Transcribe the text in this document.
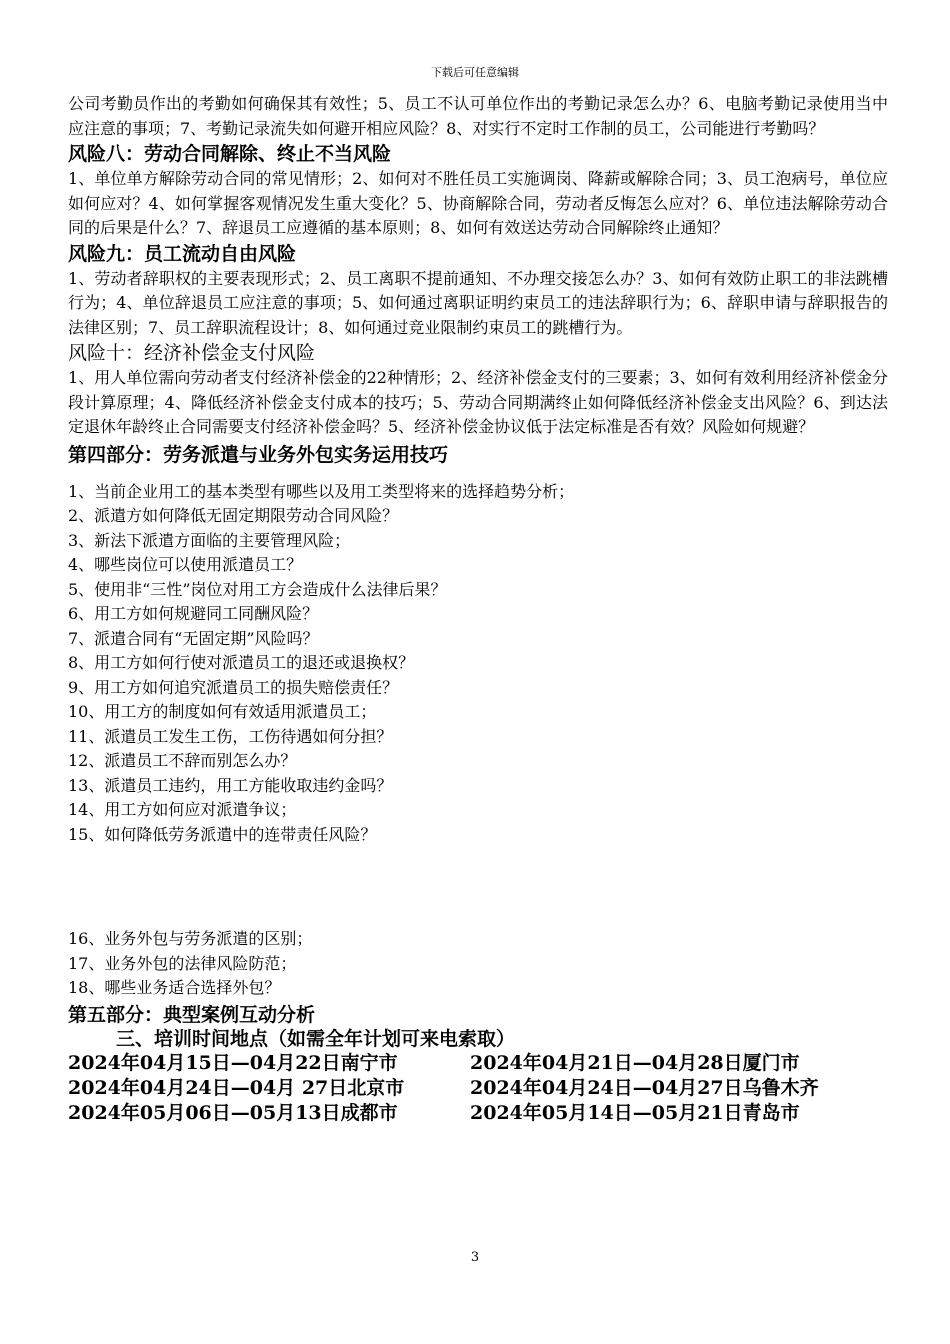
下载后可任意编辑

公司考勤员作出的考勤如何确保其有效性；5、员工不认可单位作出的考勤记录怎么办？6、电脑考勤记录使用当中应注意的事项；7、考勤记录流失如何避开相应风险？8、对实行不定时工作制的员工，公司能进行考勤吗？

风险八：劳动合同解除、终止不当风险

1、单位单方解除劳动合同的常见情形；2、如何对不胜任员工实施调岗、降薪或解除合同；3、员工泡病号，单位应如何应对？4、如何掌握客观情况发生重大变化？5、协商解除合同，劳动者反悔怎么应对？6、单位违法解除劳动合同的后果是什么？7、辞退员工应遵循的基本原则；8、如何有效送达劳动合同解除终止通知？

风险九：员工流动自由风险

1、劳动者辞职权的主要表现形式；2、员工离职不提前通知、不办理交接怎么办？3、如何有效防止职工的非法跳槽行为；4、单位辞退员工应注意的事项；5、如何通过离职证明约束员工的违法辞职行为；6、辞职申请与辞职报告的法律区别；7、员工辞职流程设计；8、如何通过竞业限制约束员工的跳槽行为。

风险十：经济补偿金支付风险

1、用人单位需向劳动者支付经济补偿金的22种情形；2、经济补偿金支付的三要素；3、如何有效利用经济补偿金分段计算原理；4、降低经济补偿金支付成本的技巧；5、劳动合同期满终止如何降低经济补偿金支出风险？6、到达法定退休年龄终止合同需要支付经济补偿金吗？5、经济补偿金协议低于法定标准是否有效？风险如何规避？

第四部分：劳务派遣与业务外包实务运用技巧

1、当前企业用工的基本类型有哪些以及用工类型将来的选择趋势分析；

2、派遣方如何降低无固定期限劳动合同风险？

3、新法下派遣方面临的主要管理风险；

4、哪些岗位可以使用派遣员工？

5、使用非“三性”岗位对用工方会造成什么法律后果？

6、用工方如何规避同工同酬风险？

7、派遣合同有“无固定期”风险吗？

8、用工方如何行使对派遣员工的退还或退换权？

9、用工方如何追究派遣员工的损失赔偿责任？

10、用工方的制度如何有效适用派遣员工；

11、派遣员工发生工伤，工伤待遇如何分担？

12、派遣员工不辞而别怎么办？

13、派遣员工违约，用工方能收取违约金吗？

14、用工方如何应对派遣争议；

15、如何降低劳务派遣中的连带责任风险？

16、业务外包与劳务派遣的区别；

17、业务外包的法律风险防范；

18、哪些业务适合选择外包？

第五部分：典型案例互动分析

三、培训时间地点（如需全年计划可来电索取）

2024年04月15日—04月22日南宁市	2024年04月21日—04月28日厦门市

2024年04月24日—04月 27日北京市	2024年04月24日—04月27日乌鲁木齐

2024年05月06日—05月13日成都市	2024年05月14日—05月21日青岛市

3
